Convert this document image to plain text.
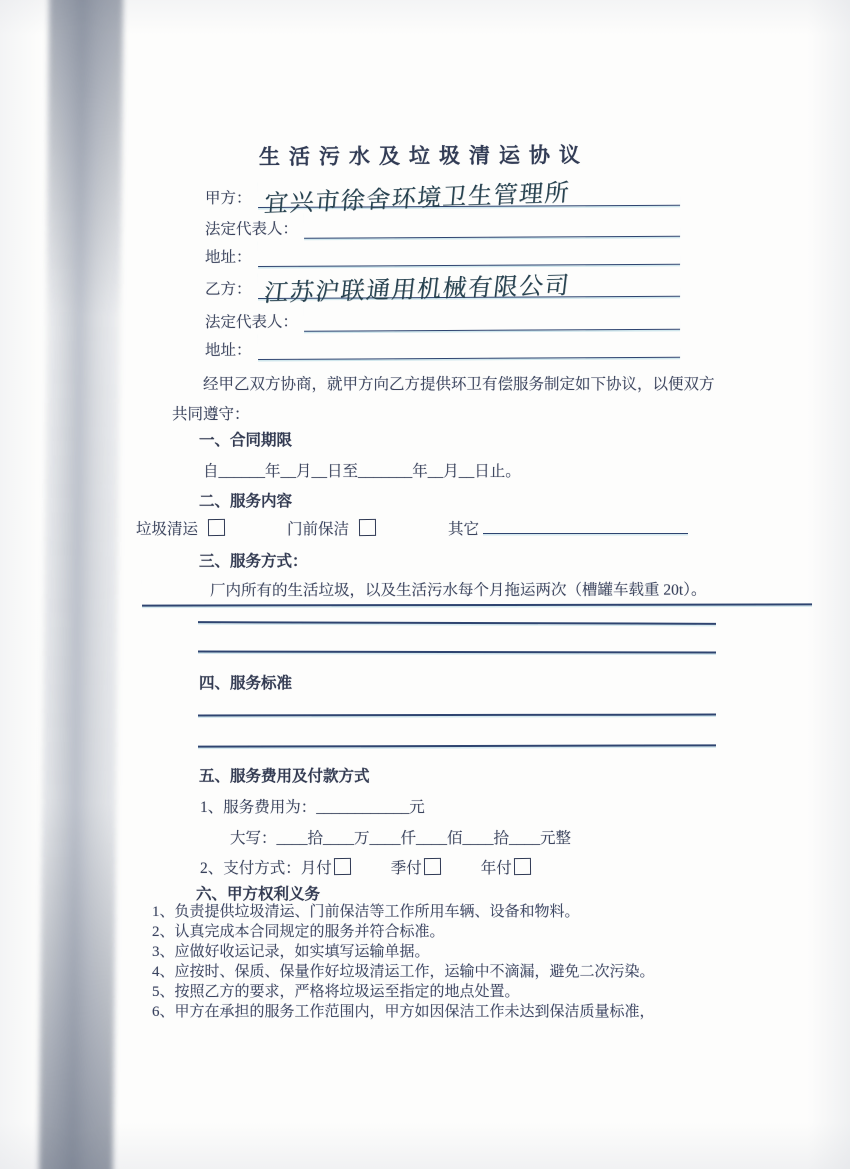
生活污水及垃圾清运协议
甲方： 宜兴市徐舍环境卫生管理所
法定代表人：
地址：
乙方： 江苏沪联通用机械有限公司
法定代表人：
地址：
经甲乙双方协商，就甲方向乙方提供环卫有偿服务制定如下协议，以便双方
共同遵守：
一、合同期限
自______年__月__日至_______年__月__日止。
二、服务内容
垃圾清运	门前保洁	其它
三、服务方式：
厂内所有的生活垃圾，以及生活污水每个月拖运两次（槽罐车载重 20t）。
四、服务标准
五、服务费用及付款方式
1、服务费用为：____________元
大写：____拾____万____仟____佰____拾____元整
2、支付方式：月付	季付	年付
六、甲方权利义务
1、负责提供垃圾清运、门前保洁等工作所用车辆、设备和物料。
2、认真完成本合同规定的服务并符合标准。
3、应做好收运记录，如实填写运输单据。
4、应按时、保质、保量作好垃圾清运工作，运输中不滴漏，避免二次污染。
5、按照乙方的要求，严格将垃圾运至指定的地点处置。
6、甲方在承担的服务工作范围内，甲方如因保洁工作未达到保洁质量标准，
